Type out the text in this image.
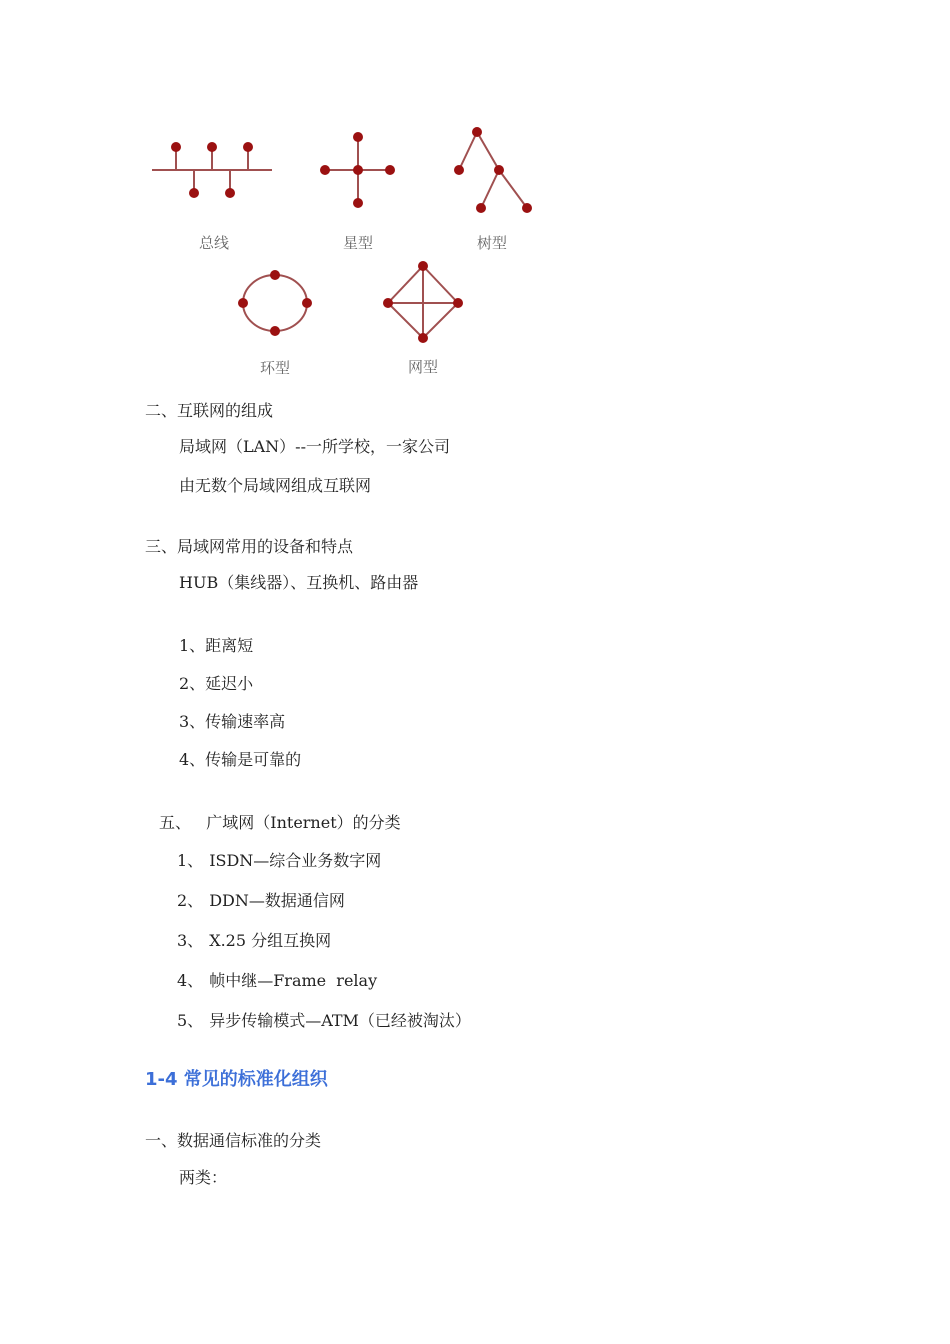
总线	星型	树型
环型	网型
二、互联网的组成
局域网（LAN）--一所学校，一家公司
由无数个局域网组成互联网
三、局域网常用的设备和特点
HUB（集线器）、互换机、路由器
1、距离短
2、延迟小
3、传输速率高
4、传输是可靠的
五、   广域网（Internet）的分类
1、 ISDN—综合业务数字网
2、 DDN—数据通信网
3、 X.25 分组互换网
4、 帧中继—Frame  relay
5、 异步传输模式—ATM（已经被淘汰）
1-4 常见的标准化组织
一、数据通信标准的分类
两类：
